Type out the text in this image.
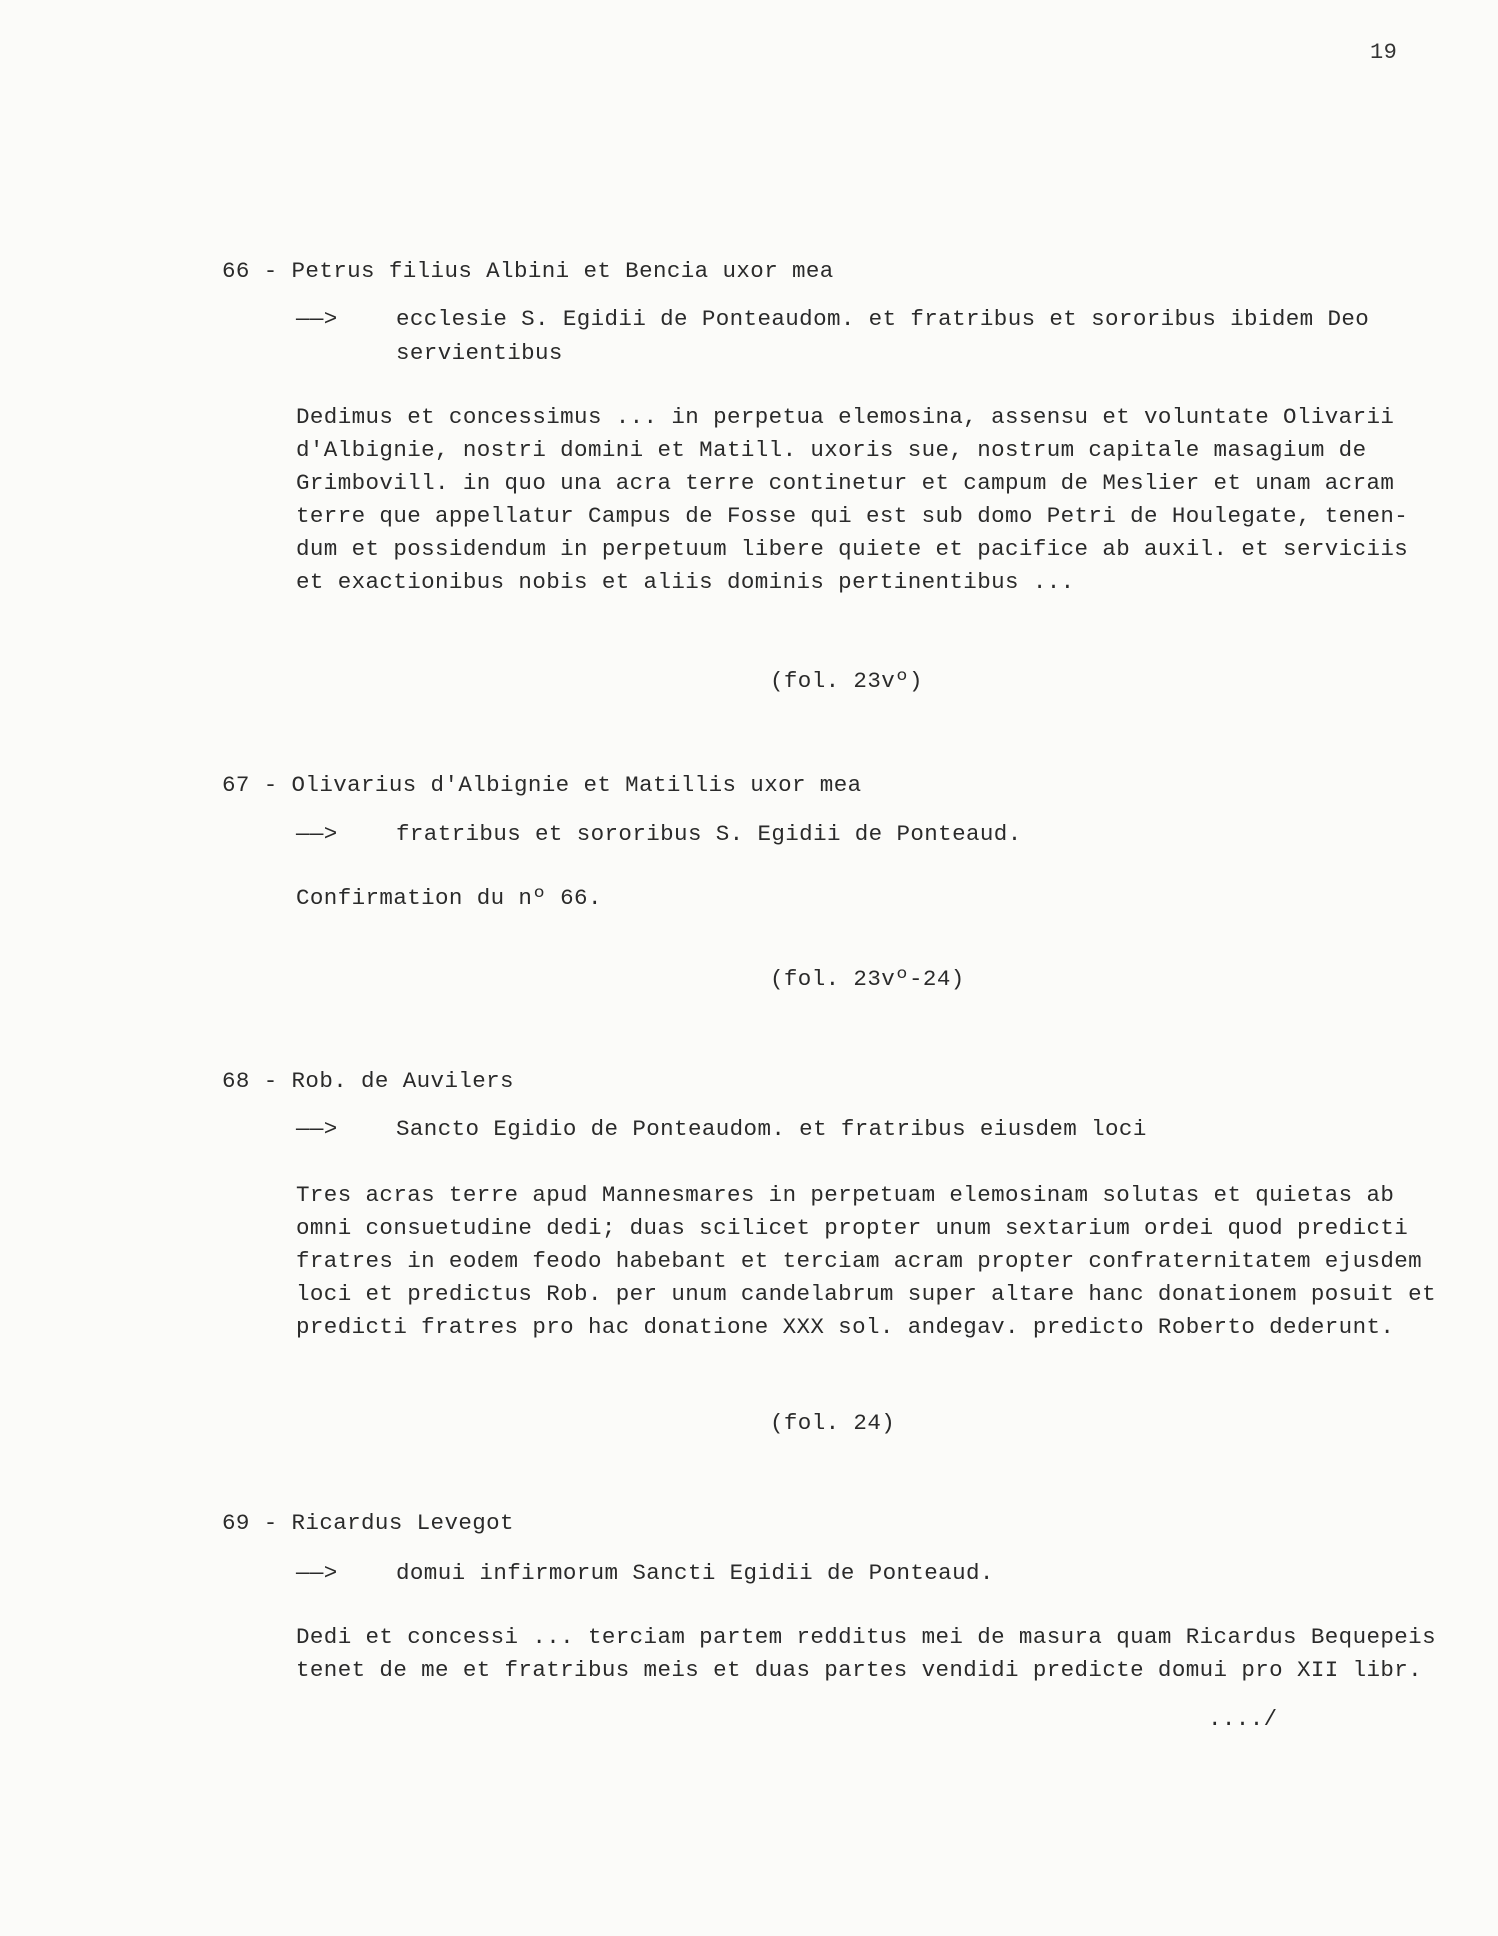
19
66 - Petrus filius Albini et Bencia uxor mea
——>	ecclesie S. Egidii de Ponteaudom. et fratribus et sororibus ibidem Deo
servientibus
Dedimus et concessimus ... in perpetua elemosina, assensu et voluntate Olivarii
d'Albignie, nostri domini et Matill. uxoris sue, nostrum capitale masagium de
Grimbovill. in quo una acra terre continetur et campum de Meslier et unam acram
terre que appellatur Campus de Fosse qui est sub domo Petri de Houlegate, tenen-
dum et possidendum in perpetuum libere quiete et pacifice ab auxil. et serviciis
et exactionibus nobis et aliis dominis pertinentibus ...
(fol. 23vº)
67 - Olivarius d'Albignie et Matillis uxor mea
——>	fratribus et sororibus S. Egidii de Ponteaud.
Confirmation du nº 66.
(fol. 23vº-24)
68 - Rob. de Auvilers
——>	Sancto Egidio de Ponteaudom. et fratribus eiusdem loci
Tres acras terre apud Mannesmares in perpetuam elemosinam solutas et quietas ab
omni consuetudine dedi; duas scilicet propter unum sextarium ordei quod predicti
fratres in eodem feodo habebant et terciam acram propter confraternitatem ejusdem
loci et predictus Rob. per unum candelabrum super altare hanc donationem posuit et
predicti fratres pro hac donatione XXX sol. andegav. predicto Roberto dederunt.
(fol. 24)
69 - Ricardus Levegot
——>	domui infirmorum Sancti Egidii de Ponteaud.
Dedi et concessi ... terciam partem redditus mei de masura quam Ricardus Bequepeis
tenet de me et fratribus meis et duas partes vendidi predicte domui pro XII libr.
..../
